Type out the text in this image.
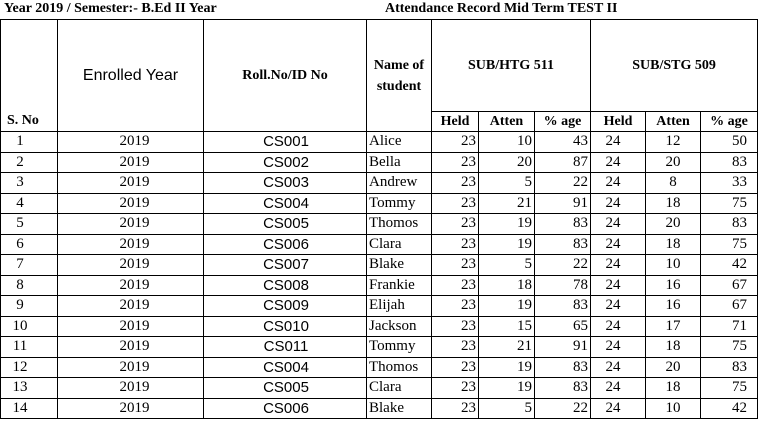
Year 2019 / Semester:- B.Ed II Year	Attendance Record Mid Term TEST II
S. No	Enrolled Year	Roll.No/ID No	Name of student	SUB/HTG 511			SUB/STG 509		
				Held	Atten	% age	Held	Atten	% age
1	2019	CS001	Alice	23	10	43	24	12	50
2	2019	CS002	Bella	23	20	87	24	20	83
3	2019	CS003	Andrew	23	5	22	24	8	33
4	2019	CS004	Tommy	23	21	91	24	18	75
5	2019	CS005	Thomos	23	19	83	24	20	83
6	2019	CS006	Clara	23	19	83	24	18	75
7	2019	CS007	Blake	23	5	22	24	10	42
8	2019	CS008	Frankie	23	18	78	24	16	67
9	2019	CS009	Elijah	23	19	83	24	16	67
10	2019	CS010	Jackson	23	15	65	24	17	71
11	2019	CS011	Tommy	23	21	91	24	18	75
12	2019	CS004	Thomos	23	19	83	24	20	83
13	2019	CS005	Clara	23	19	83	24	18	75
14	2019	CS006	Blake	23	5	22	24	10	42
